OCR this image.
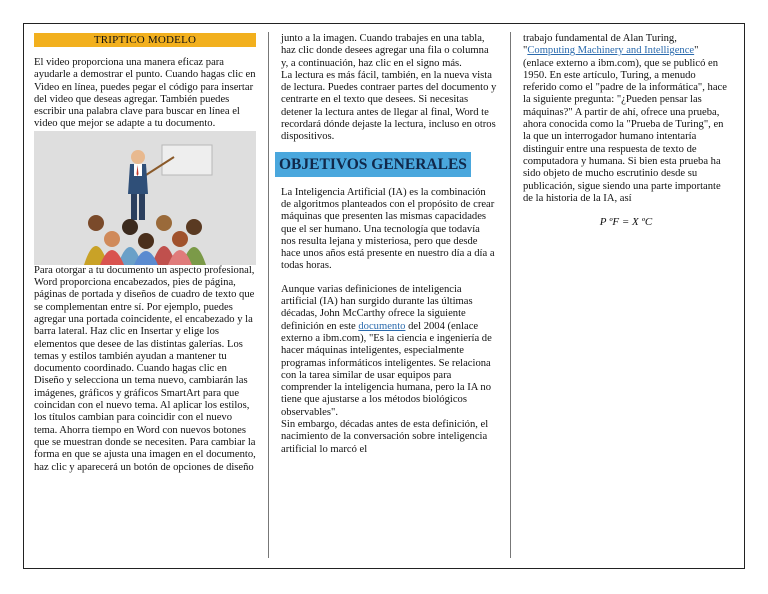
TRIPTICO MODELO

El video proporciona una manera eficaz para ayudarle a demostrar el punto. Cuando hagas clic en Video en línea, puedes pegar el código para insertar del video que deseas agregar. También puedes escribir una palabra clave para buscar en línea el video que mejor se adapte a tu documento.

Para otorgar a tu documento un aspecto profesional, Word proporciona encabezados, pies de página, páginas de portada y diseños de cuadro de texto que se complementan entre sí. Por ejemplo, puedes agregar una portada coincidente, el encabezado y la barra lateral. Haz clic en Insertar y elige los elementos que desee de las distintas galerías. Los temas y estilos también ayudan a mantener tu documento coordinado. Cuando hagas clic en Diseño y selecciona un tema nuevo, cambiarán las imágenes, gráficos y gráficos SmartArt para que coincidan con el nuevo tema. Al aplicar los estilos, los títulos cambian para coincidir con el nuevo tema. Ahorra tiempo en Word con nuevos botones que se muestran donde se necesiten. Para cambiar la forma en que se ajusta una imagen en el documento, haz clic y aparecerá un botón de opciones de diseño

junto a la imagen. Cuando trabajes en una tabla, haz clic donde desees agregar una fila o columna y, a continuación, haz clic en el signo más.

La lectura es más fácil, también, en la nueva vista de lectura. Puedes contraer partes del documento y centrarte en el texto que desees. Si necesitas detener la lectura antes de llegar al final, Word te recordará dónde dejaste la lectura, incluso en otros dispositivos.

OBJETIVOS GENERALES

La Inteligencia Artificial (IA) es la combinación de algoritmos planteados con el propósito de crear máquinas que presenten las mismas capacidades que el ser humano. Una tecnología que todavía nos resulta lejana y misteriosa, pero que desde hace unos años está presente en nuestro día a día a todas horas.

Aunque varias definiciones de inteligencia artificial (IA) han surgido durante las últimas décadas, John McCarthy ofrece la siguiente definición en este documento del 2004 (enlace externo a ibm.com), "Es la ciencia e ingeniería de hacer máquinas inteligentes, especialmente programas informáticos inteligentes. Se relaciona con la tarea similar de usar equipos para comprender la inteligencia humana, pero la IA no tiene que ajustarse a los métodos biológicos observables".

Sin embargo, décadas antes de esta definición, el nacimiento de la conversación sobre inteligencia artificial lo marcó el

trabajo fundamental de Alan Turing, "Computing Machinery and Intelligence" (enlace externo a ibm.com), que se publicó en 1950. En este artículo, Turing, a menudo referido como el "padre de la informática", hace la siguiente pregunta: "¿Pueden pensar las máquinas?" A partir de ahí, ofrece una prueba, ahora conocida como la "Prueba de Turing", en la que un interrogador humano intentaría distinguir entre una respuesta de texto de computadora y humana. Si bien esta prueba ha sido objeto de mucho escrutinio desde su publicación, sigue siendo una parte importante de la historia de la IA, así

P ºF = X ºC
